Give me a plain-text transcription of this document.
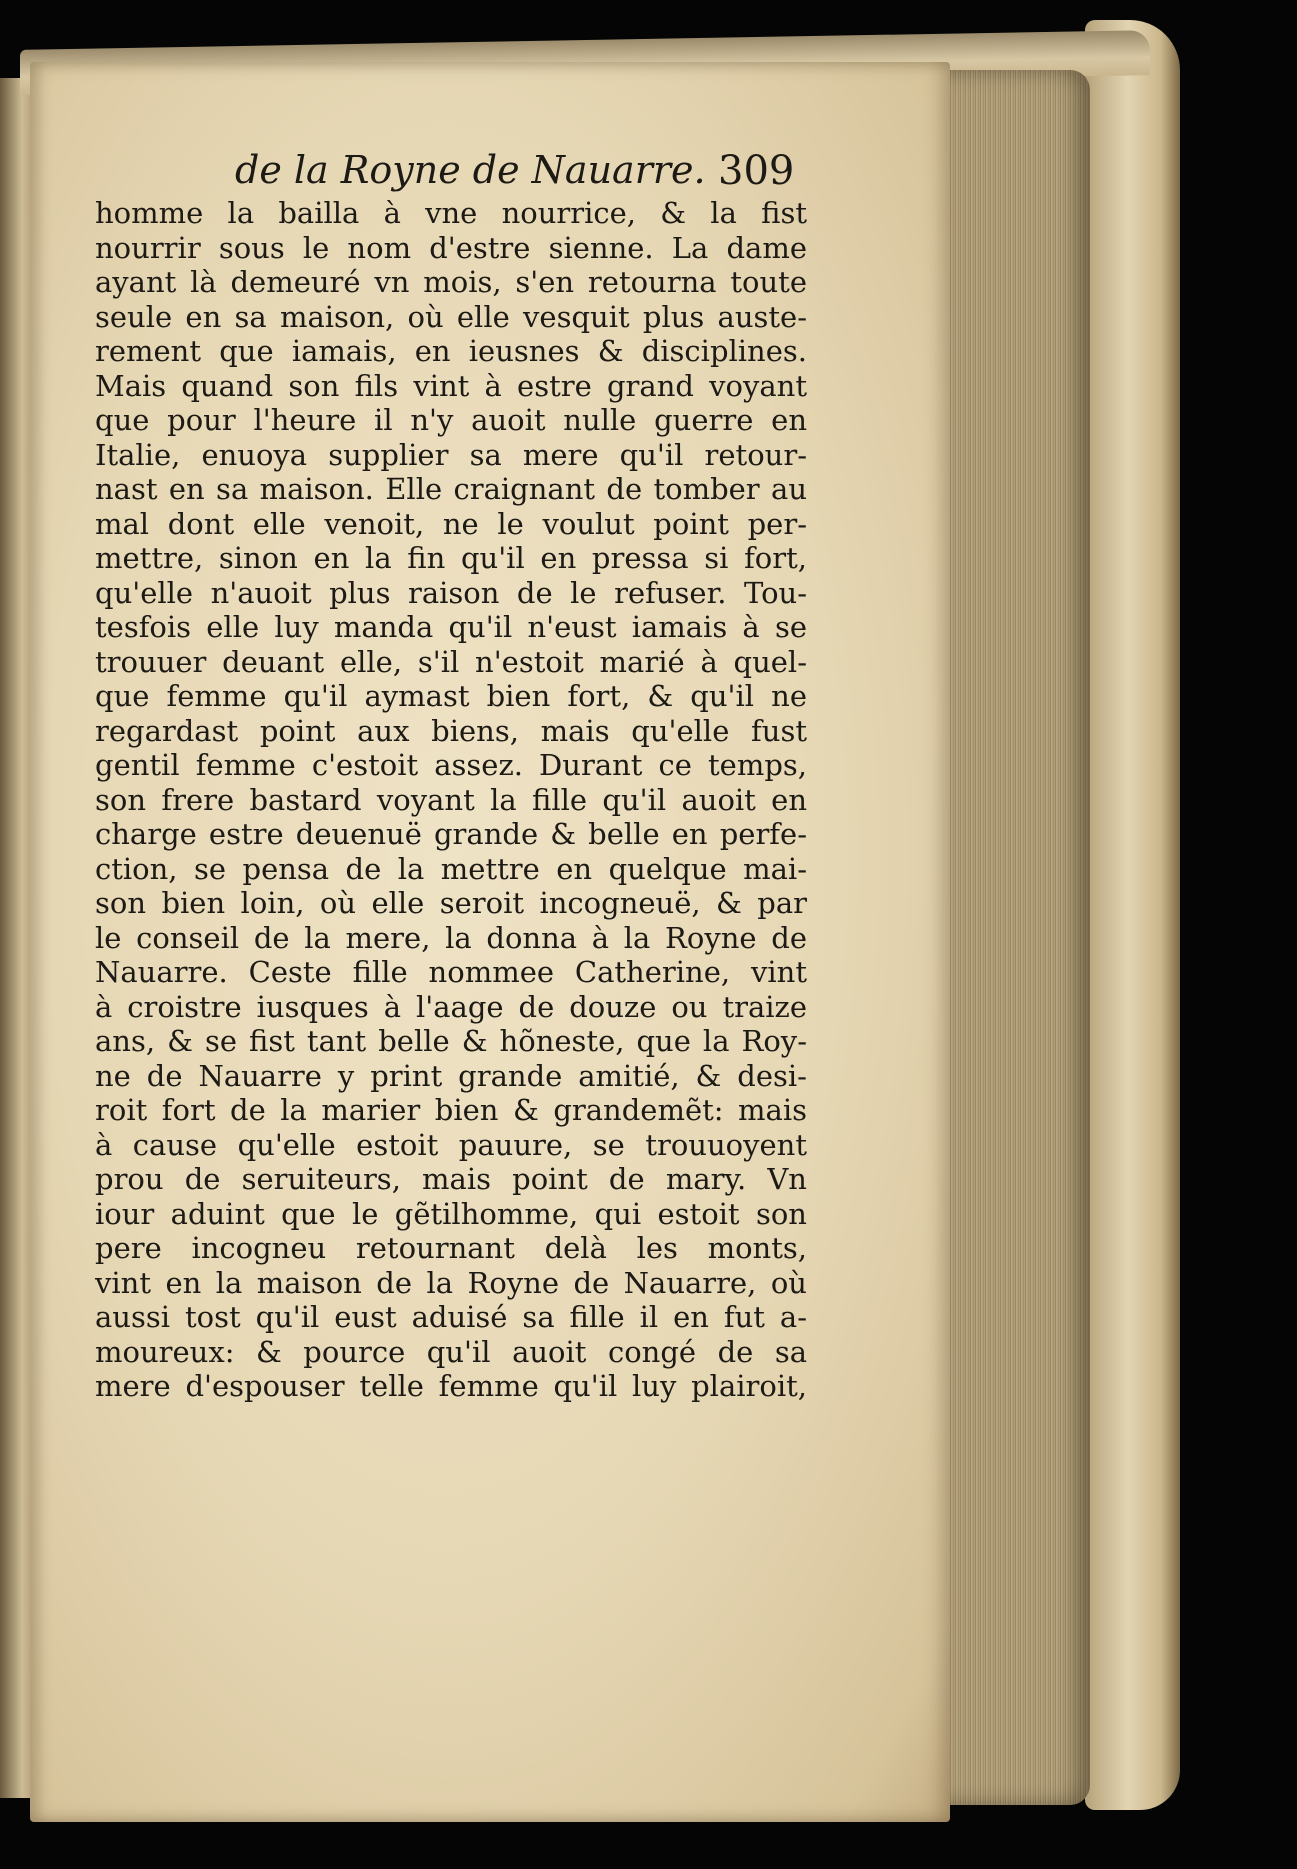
de la Royne de Nauarre. 309
homme la bailla à vne nourrice, & la fist
nourrir sous le nom d'estre sienne. La dame
ayant là demeuré vn mois, s'en retourna toute
seule en sa maison, où elle vesquit plus auste-
rement que iamais, en ieusnes & disciplines.
Mais quand son fils vint à estre grand voyant
que pour l'heure il n'y auoit nulle guerre en
Italie, enuoya supplier sa mere qu'il retour-
nast en sa maison. Elle craignant de tomber au
mal dont elle venoit, ne le voulut point per-
mettre, sinon en la fin qu'il en pressa si fort,
qu'elle n'auoit plus raison de le refuser. Tou-
tesfois elle luy manda qu'il n'eust iamais à se
trouuer deuant elle, s'il n'estoit marié à quel-
que femme qu'il aymast bien fort, & qu'il ne
regardast point aux biens, mais qu'elle fust
gentil femme c'estoit assez. Durant ce temps,
son frere bastard voyant la fille qu'il auoit en
charge estre deuenuë grande & belle en perfe-
ction, se pensa de la mettre en quelque mai-
son bien loin, où elle seroit incogneuë, & par
le conseil de la mere, la donna à la Royne de
Nauarre. Ceste fille nommee Catherine, vint
à croistre iusques à l'aage de douze ou traize
ans, & se fist tant belle & hõneste, que la Roy-
ne de Nauarre y print grande amitié, & desi-
roit fort de la marier bien & grandemẽt: mais
à cause qu'elle estoit pauure, se trouuoyent
prou de seruiteurs, mais point de mary. Vn
iour aduint que le gẽtilhomme, qui estoit son
pere incogneu retournant delà les monts,
vint en la maison de la Royne de Nauarre, où
aussi tost qu'il eust aduisé sa fille il en fut a-
moureux: & pource qu'il auoit congé de sa
mere d'espouser telle femme qu'il luy plairoit,
